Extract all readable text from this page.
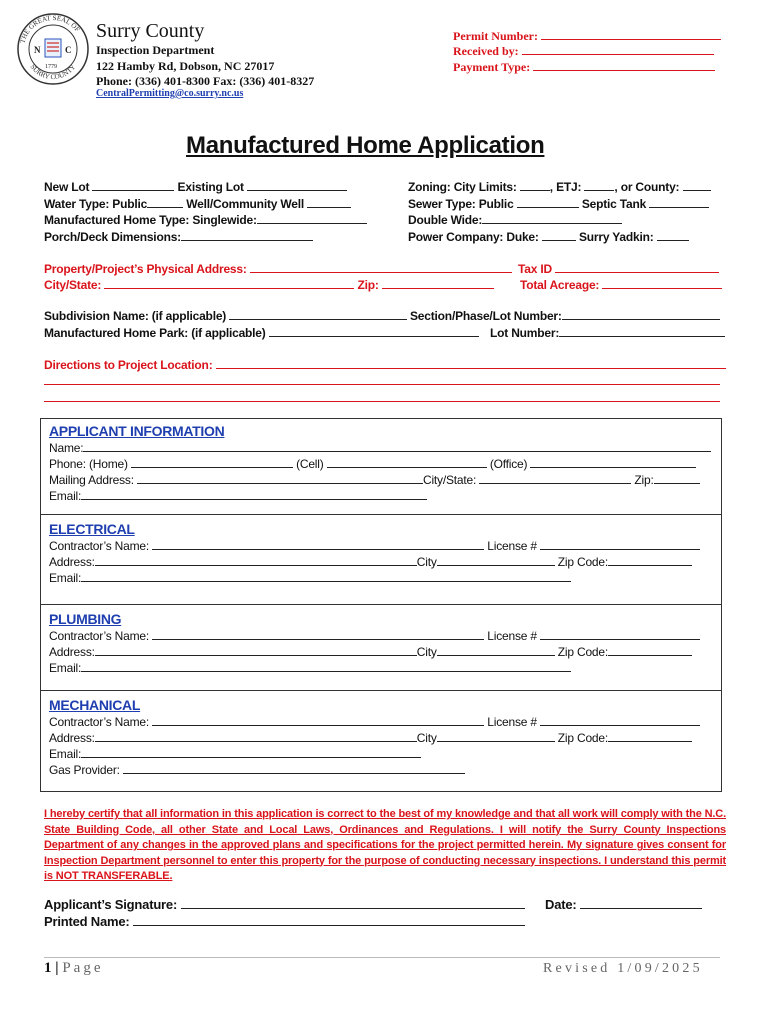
THE GREAT SEAL OF
SURRY COUNTY
N	C
1779
Surry County
Inspection Department
122 Hamby Rd, Dobson, NC 27017
Phone: (336) 401-8300 Fax: (336) 401-8327
CentralPermitting@co.surry.nc.us
Permit Number:
Received by:
Payment Type:
Manufactured Home Application
New Lot	Existing Lot
Water Type: Public	Well/Community Well
Manufactured Home Type: Singlewide:
Porch/Deck Dimensions:
Zoning: City Limits:	, ETJ:	, or County:
Sewer Type: Public	Septic Tank
Double Wide:
Power Company: Duke:	Surry Yadkin:
Property/Project’s Physical Address:	Tax ID
City/State:	Zip:	Total Acreage:
Subdivision Name: (if applicable)	Section/Phase/Lot Number:
Manufactured Home Park: (if applicable)	Lot Number:
Directions to Project Location:
APPLICANT INFORMATION
Name:
Phone: (Home)	(Cell)	(Office)
Mailing Address:	City/State:	Zip:
Email:
ELECTRICAL
Contractor’s Name:	License #
Address:	City	Zip Code:
Email:
PLUMBING
Contractor’s Name:	License #
Address:	City	Zip Code:
Email:
MECHANICAL
Contractor’s Name:	License #
Address:	City	Zip Code:
Email:
Gas Provider:
I hereby certify that all information in this application is correct to the best of my knowledge and that all work will comply with the N.C. State Building Code, all other State and Local Laws, Ordinances and Regulations. I will notify the Surry County Inspections Department of any changes in the approved plans and specifications for the project permitted herein. My signature gives consent for Inspection Department personnel to enter this property for the purpose of conducting necessary inspections. I understand this permit is NOT TRANSFERABLE.
Applicant’s Signature:	Date:
Printed Name:
1 | Page	Revised 1/09/2025
